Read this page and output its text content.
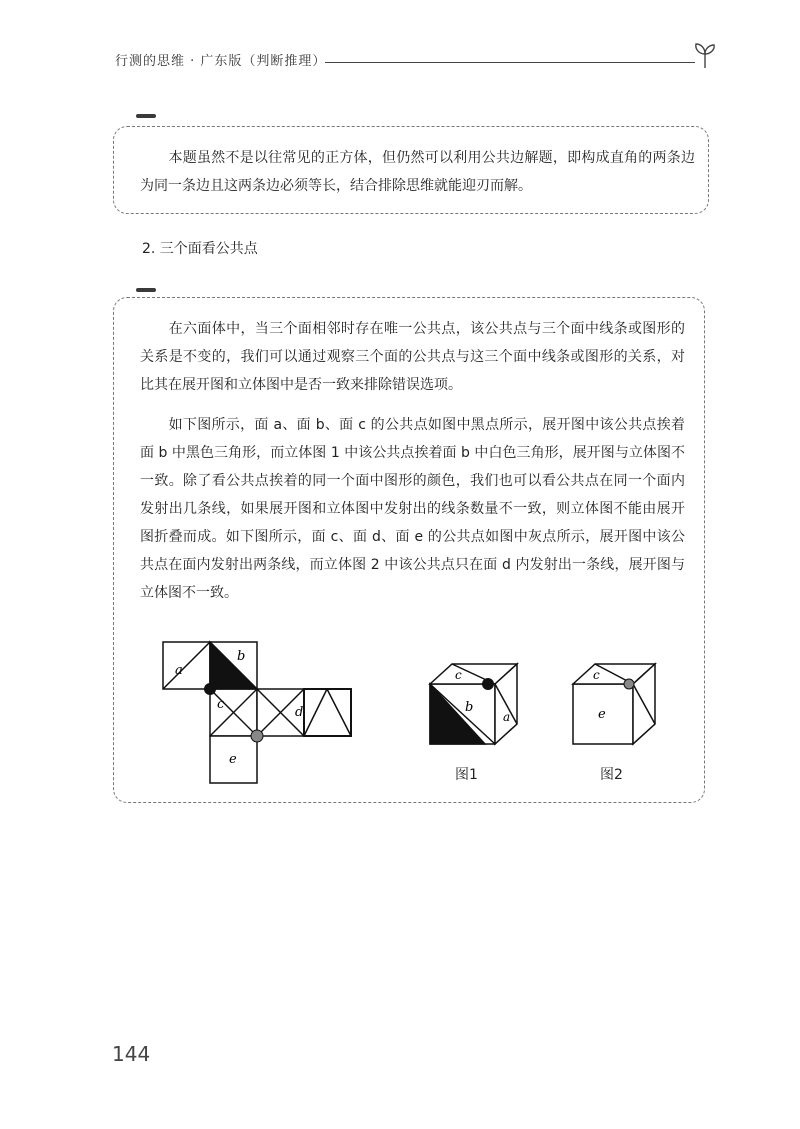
行测的思维 · 广东版（判断推理）
　　本题虽然不是以往常见的正方体，但仍然可以利用公共边解题，即构成直角的两条边为同一条边且这两条边必须等长，结合排除思维就能迎刃而解。
2. 三个面看公共点
　　在六面体中，当三个面相邻时存在唯一公共点，该公共点与三个面中线条或图形的关系是不变的，我们可以通过观察三个面的公共点与这三个面中线条或图形的关系，对比其在展开图和立体图中是否一致来排除错误选项。
　　如下图所示，面 a、面 b、面 c 的公共点如图中黑点所示，展开图中该公共点挨着面 b 中黑色三角形，而立体图 1 中该公共点挨着面 b 中白色三角形，展开图与立体图不一致。除了看公共点挨着的同一个面中图形的颜色，我们也可以看公共点在同一个面内发射出几条线，如果展开图和立体图中发射出的线条数量不一致，则立体图不能由展开图折叠而成。如下图所示，面 c、面 d、面 e 的公共点如图中灰点所示，展开图中该公共点在面内发射出两条线，而立体图 2 中该公共点只在面 d 内发射出一条线，展开图与立体图不一致。
a
b
c
d
e
c
b
a
c
e
图1	图2
144
